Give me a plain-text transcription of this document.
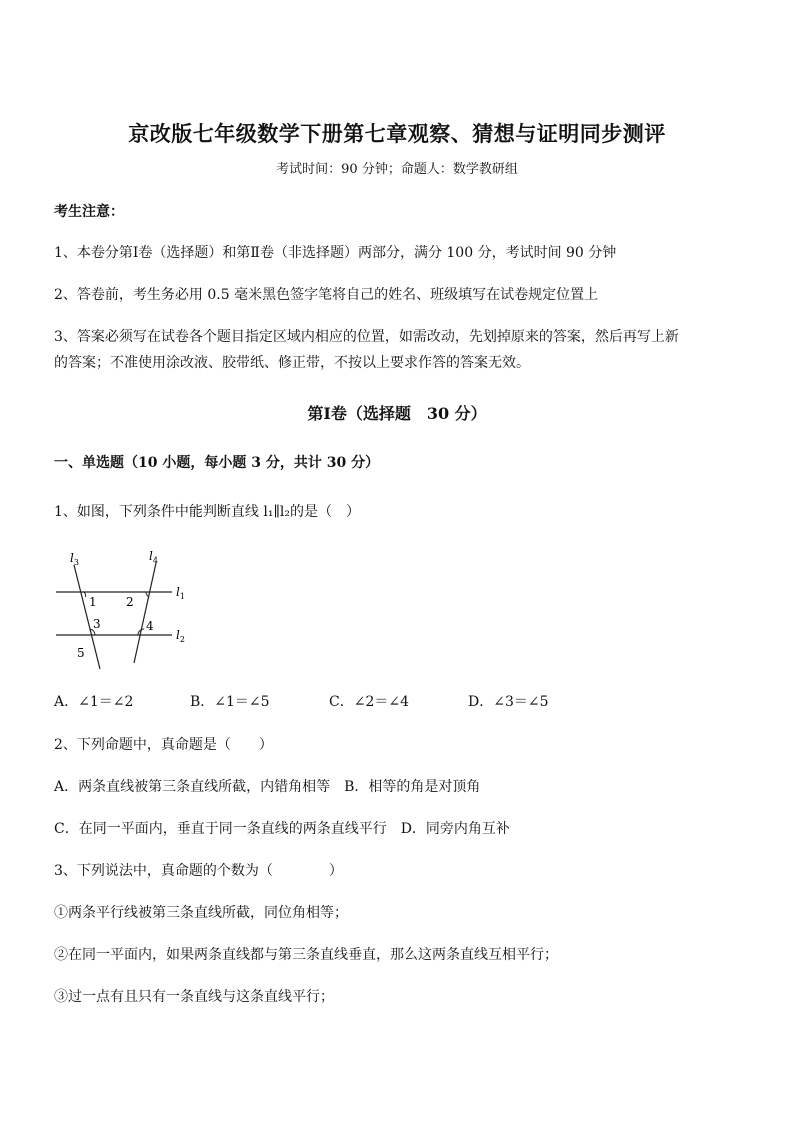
京改版七年级数学下册第七章观察、猜想与证明同步测评
考试时间：90 分钟；命题人：数学教研组
考生注意：
1、本卷分第Ⅰ卷（选择题）和第Ⅱ卷（非选择题）两部分，满分 100 分，考试时间 90 分钟
2、答卷前，考生务必用 0.5 毫米黑色签字笔将自己的姓名、班级填写在试卷规定位置上
3、答案必须写在试卷各个题目指定区域内相应的位置，如需改动，先划掉原来的答案，然后再写上新
的答案；不准使用涂改液、胶带纸、修正带，不按以上要求作答的答案无效。
第Ⅰ卷（选择题　30 分）
一、单选题（10 小题，每小题 3 分，共计 30 分）
1、如图，下列条件中能判断直线 l₁∥l₂的是（　）
$l_3$	$l_4$
$l_1$
$l_2$
1 2
3	4
5
A．∠1＝∠2	B．∠1＝∠5	C．∠2＝∠4	D．∠3＝∠5
2、下列命题中，真命题是（　　）
A．两条直线被第三条直线所截，内错角相等　B．相等的角是对顶角
C．在同一平面内，垂直于同一条直线的两条直线平行　D．同旁内角互补
3、下列说法中，真命题的个数为（　　　　）
①两条平行线被第三条直线所截，同位角相等；
②在同一平面内，如果两条直线都与第三条直线垂直，那么这两条直线互相平行；
③过一点有且只有一条直线与这条直线平行；
